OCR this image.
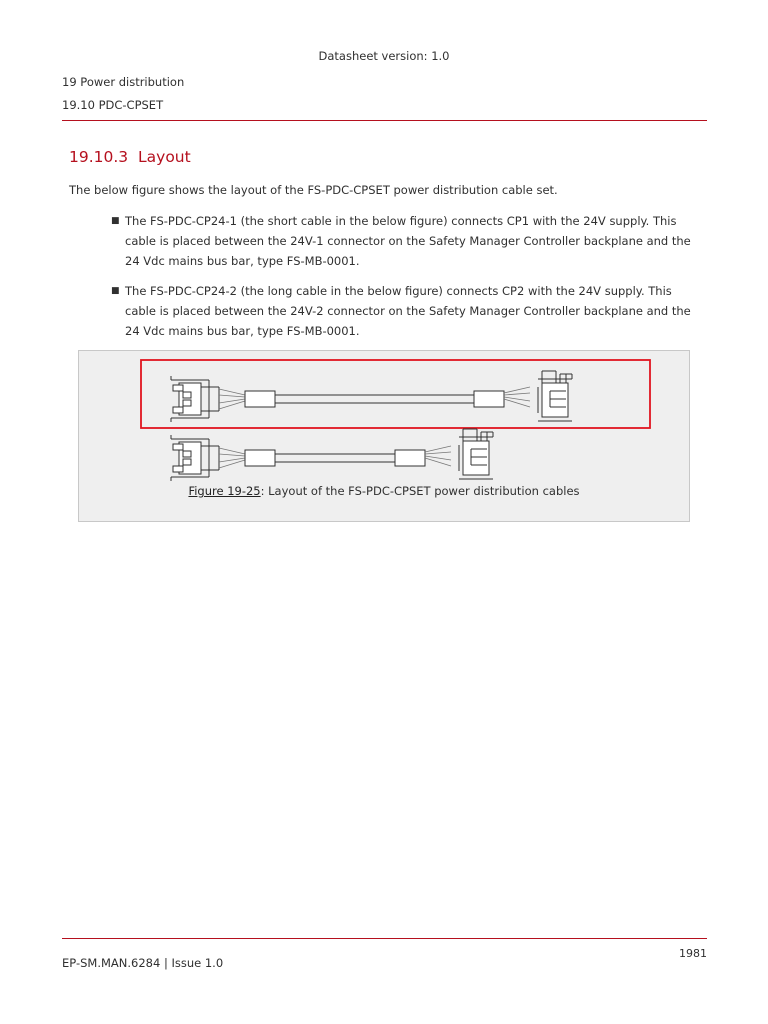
Datasheet version: 1.0
19 Power distribution
19.10 PDC-CPSET
19.10.3  Layout
The below figure shows the layout of the FS-PDC-CPSET power distribution cable set.
■ The FS-PDC-CP24-1 (the short cable in the below figure) connects CP1 with the 24V supply. This cable is placed between the 24V-1 connector on the Safety Manager Controller backplane and the 24 Vdc mains bus bar, type FS-MB-0001.
■ The FS-PDC-CP24-2 (the long cable in the below figure) connects CP2 with the 24V supply. This cable is placed between the 24V-2 connector on the Safety Manager Controller backplane and the 24 Vdc mains bus bar, type FS-MB-0001.
Figure 19-25: Layout of the FS-PDC-CPSET power distribution cables
1981
EP-SM.MAN.6284 | Issue 1.0
